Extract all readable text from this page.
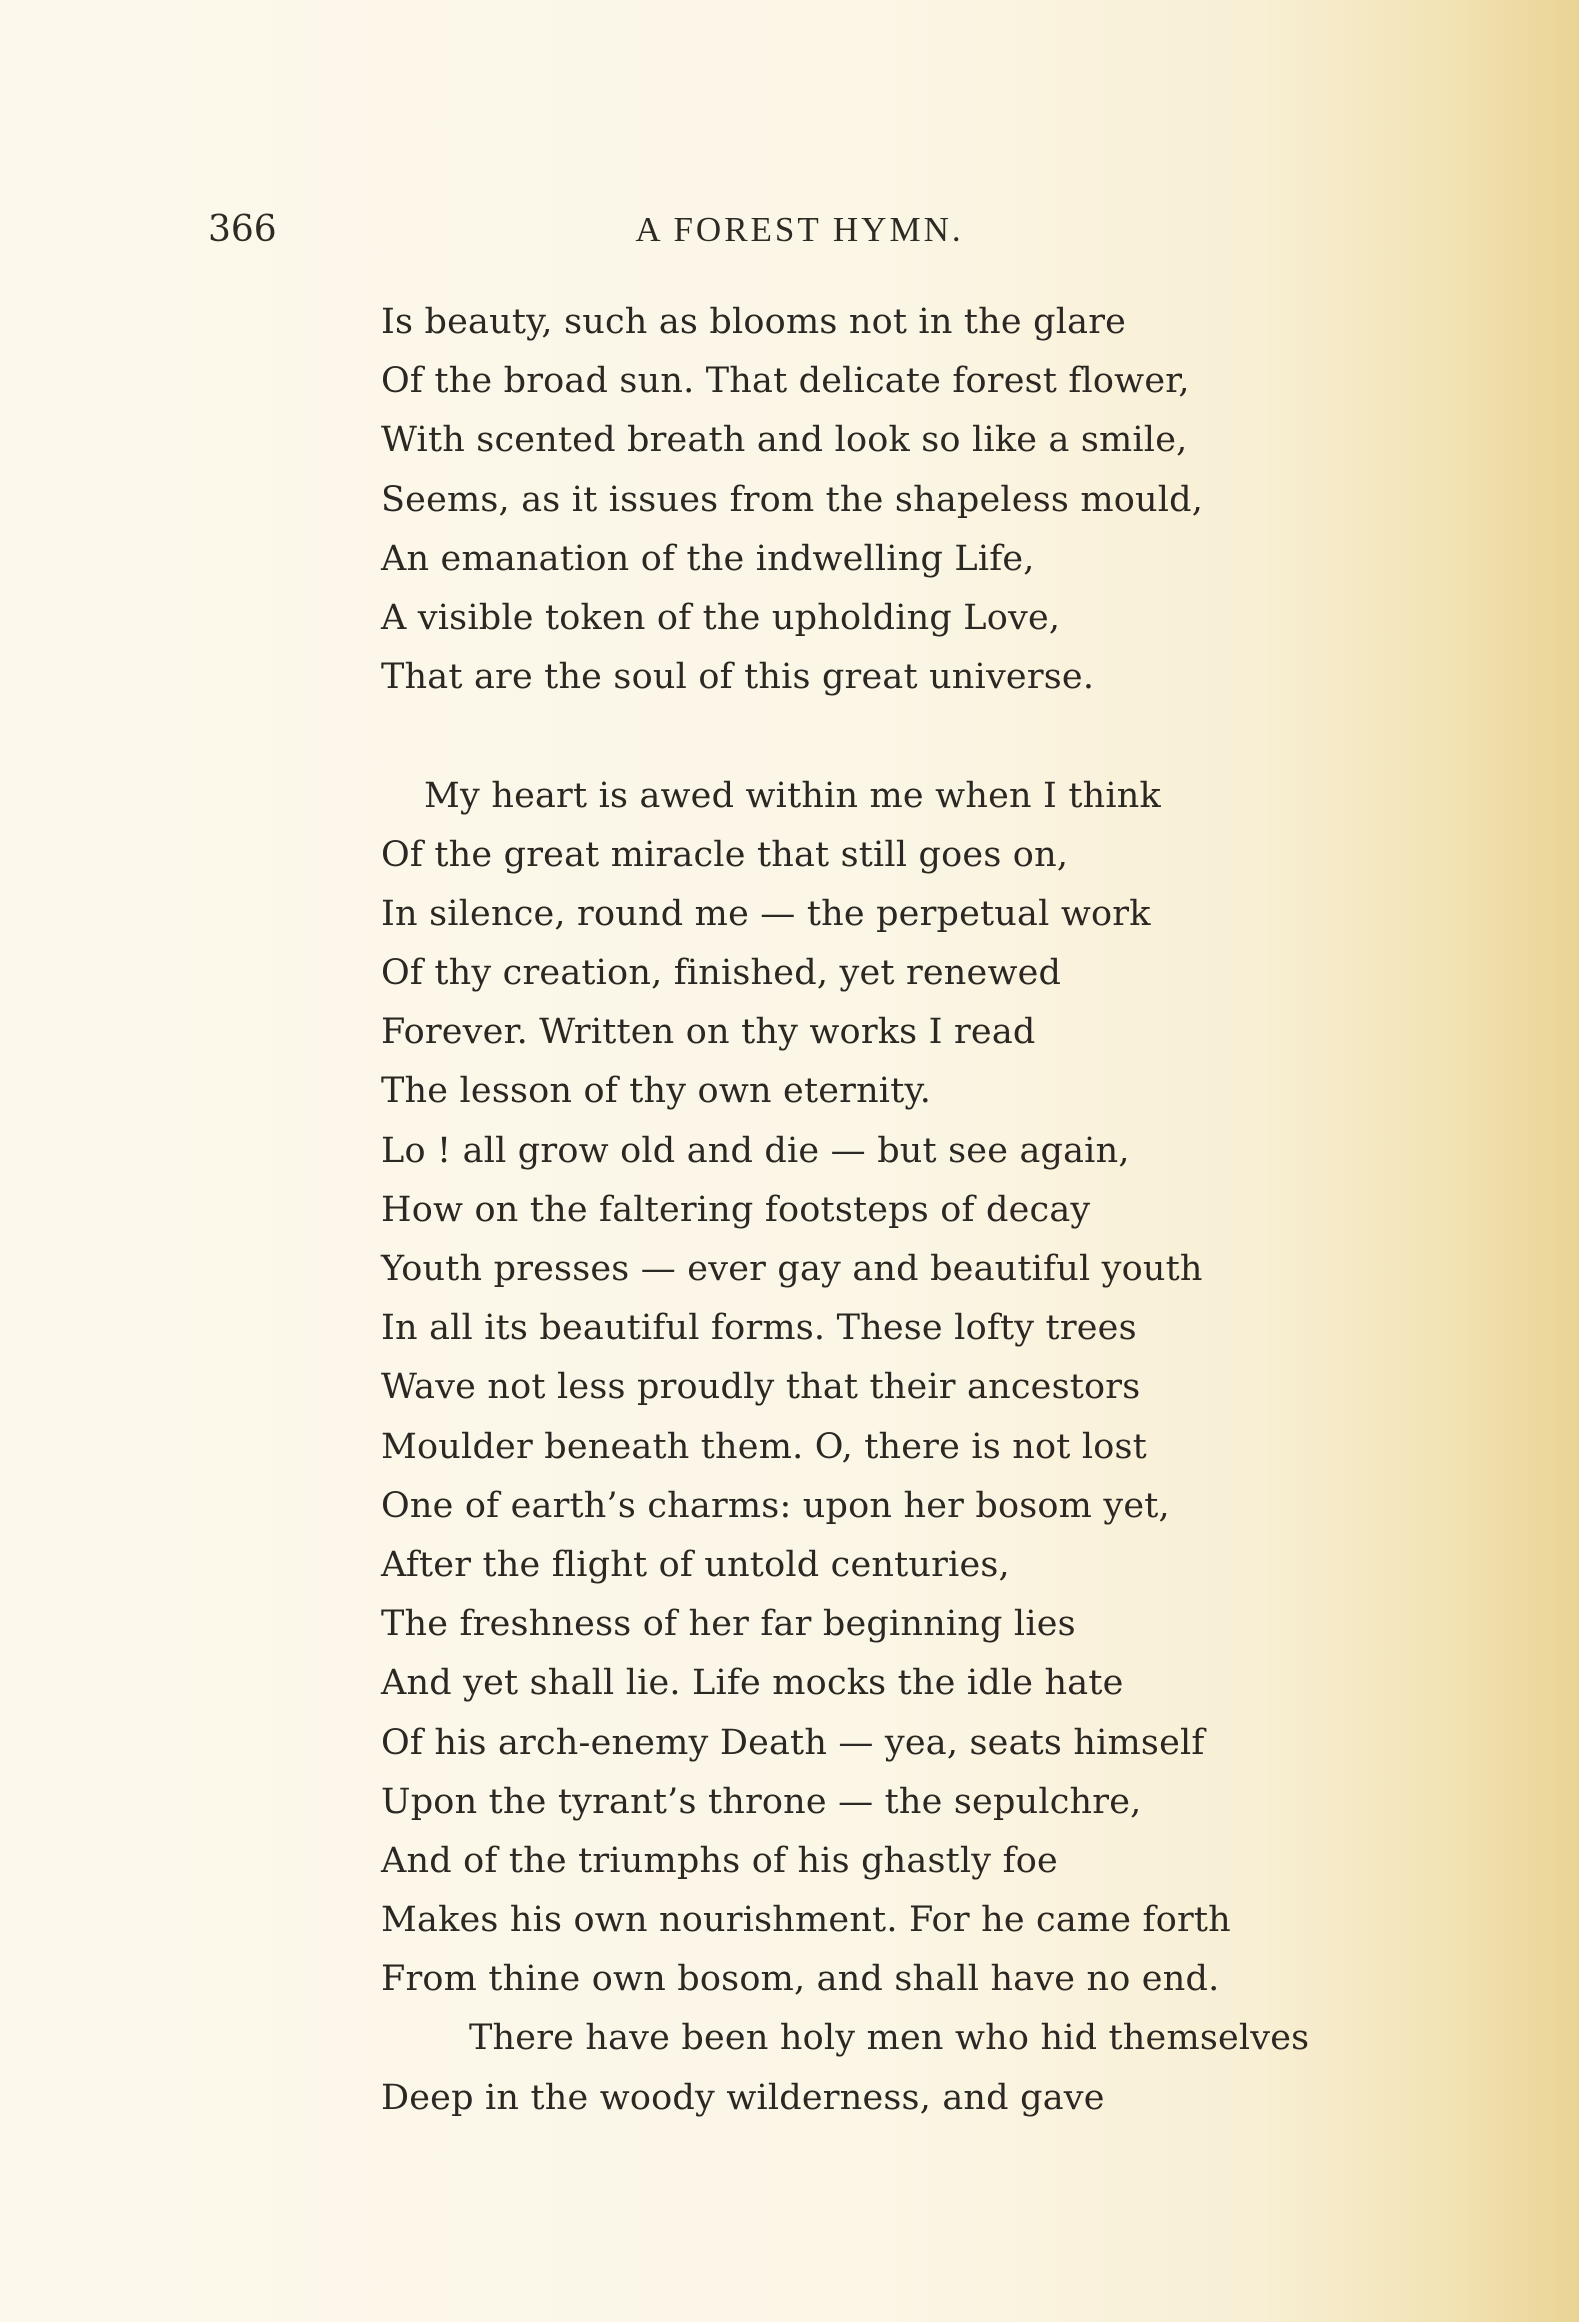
366	A FOREST HYMN.
Is beauty, such as blooms not in the glare
Of the broad sun. That delicate forest flower,
With scented breath and look so like a smile,
Seems, as it issues from the shapeless mould,
An emanation of the indwelling Life,
A visible token of the upholding Love,
That are the soul of this great universe.
My heart is awed within me when I think
Of the great miracle that still goes on,
In silence, round me — the perpetual work
Of thy creation, finished, yet renewed
Forever. Written on thy works I read
The lesson of thy own eternity.
Lo ! all grow old and die — but see again,
How on the faltering footsteps of decay
Youth presses — ever gay and beautiful youth
In all its beautiful forms. These lofty trees
Wave not less proudly that their ancestors
Moulder beneath them. O, there is not lost
One of earth’s charms: upon her bosom yet,
After the flight of untold centuries,
The freshness of her far beginning lies
And yet shall lie. Life mocks the idle hate
Of his arch-enemy Death — yea, seats himself
Upon the tyrant’s throne — the sepulchre,
And of the triumphs of his ghastly foe
Makes his own nourishment. For he came forth
From thine own bosom, and shall have no end.
There have been holy men who hid themselves
Deep in the woody wilderness, and gave
